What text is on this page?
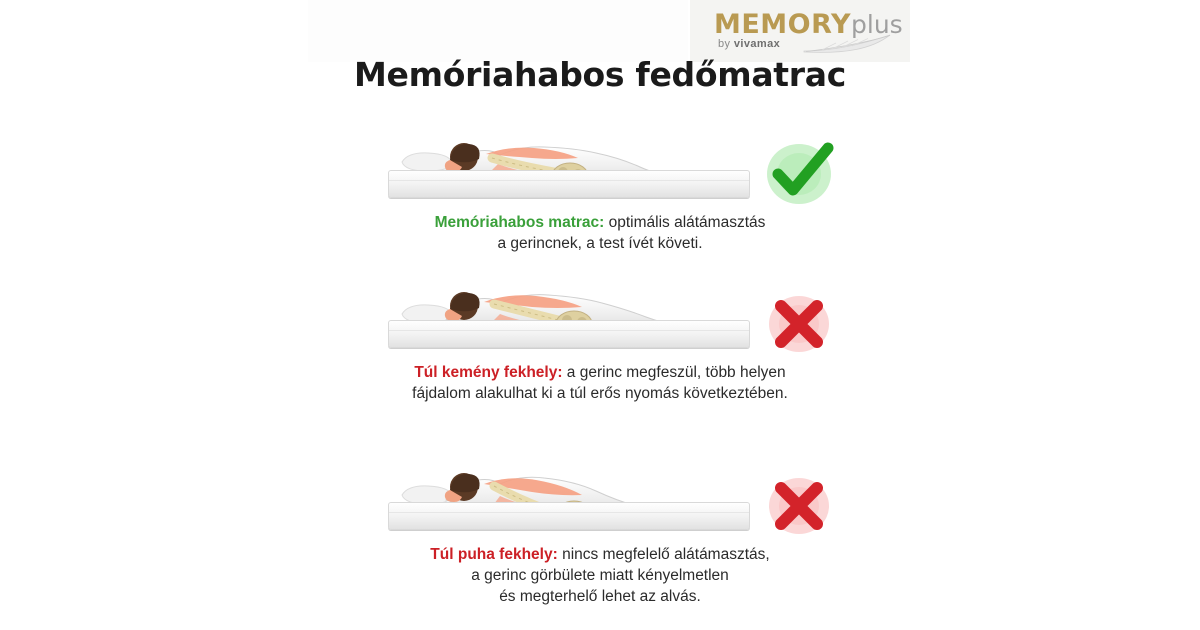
MEMORYplus
by vivamax
Memóriahabos fedőmatrac
Memóriahabos matrac: optimális alátámasztás
a gerincnek, a test ívét követi.
Túl kemény fekhely: a gerinc megfeszül, több helyen
fájdalom alakulhat ki a túl erős nyomás következtében.
Túl puha fekhely: nincs megfelelő alátámasztás,
a gerinc görbülete miatt kényelmetlen
és megterhelő lehet az alvás.
